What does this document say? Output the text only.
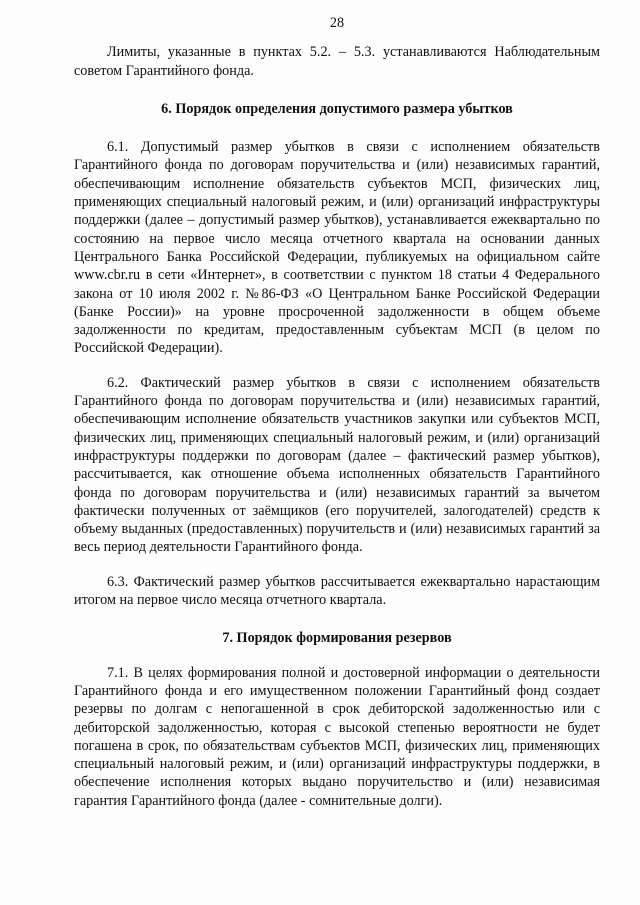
28

Лимиты, указанные в пунктах 5.2. – 5.3. устанавливаются Наблюдательным советом Гарантийного фонда.

6. Порядок определения допустимого размера убытков

6.1. Допустимый размер убытков в связи с исполнением обязательств Гарантийного фонда по договорам поручительства и (или) независимых гарантий, обеспечивающим исполнение обязательств субъектов МСП, физических лиц, применяющих специальный налоговый режим, и (или) организаций инфраструктуры поддержки (далее – допустимый размер убытков), устанавливается ежеквартально по состоянию на первое число месяца отчетного квартала на основании данных Центрального Банка Российской Федерации, публикуемых на официальном сайте www.cbr.ru в сети «Интернет», в соответствии с пунктом 18 статьи 4 Федерального закона от 10 июля 2002 г. №86-ФЗ «О Центральном Банке Российской Федерации (Банке России)» на уровне просроченной задолженности в общем объеме задолженности по кредитам, предоставленным субъектам МСП (в целом по Российской Федерации).

6.2. Фактический размер убытков в связи с исполнением обязательств Гарантийного фонда по договорам поручительства и (или) независимых гарантий, обеспечивающим исполнение обязательств участников закупки или субъектов МСП, физических лиц, применяющих специальный налоговый режим, и (или) организаций инфраструктуры поддержки по договорам (далее – фактический размер убытков), рассчитывается, как отношение объема исполненных обязательств Гарантийного фонда по договорам поручительства и (или) независимых гарантий за вычетом фактически полученных от заёмщиков (его поручителей, залогодателей) средств к объему выданных (предоставленных) поручительств и (или) независимых гарантий за весь период деятельности Гарантийного фонда.

6.3. Фактический размер убытков рассчитывается ежеквартально нарастающим итогом на первое число месяца отчетного квартала.

7. Порядок формирования резервов

7.1. В целях формирования полной и достоверной информации о деятельности Гарантийного фонда и его имущественном положении Гарантийный фонд создает резервы по долгам с непогашенной в срок дебиторской задолженностью или с дебиторской задолженностью, которая с высокой степенью вероятности не будет погашена в срок, по обязательствам субъектов МСП, физических лиц, применяющих специальный налоговый режим, и (или) организаций инфраструктуры поддержки, в обеспечение исполнения которых выдано поручительство и (или) независимая гарантия Гарантийного фонда (далее - сомнительные долги).
